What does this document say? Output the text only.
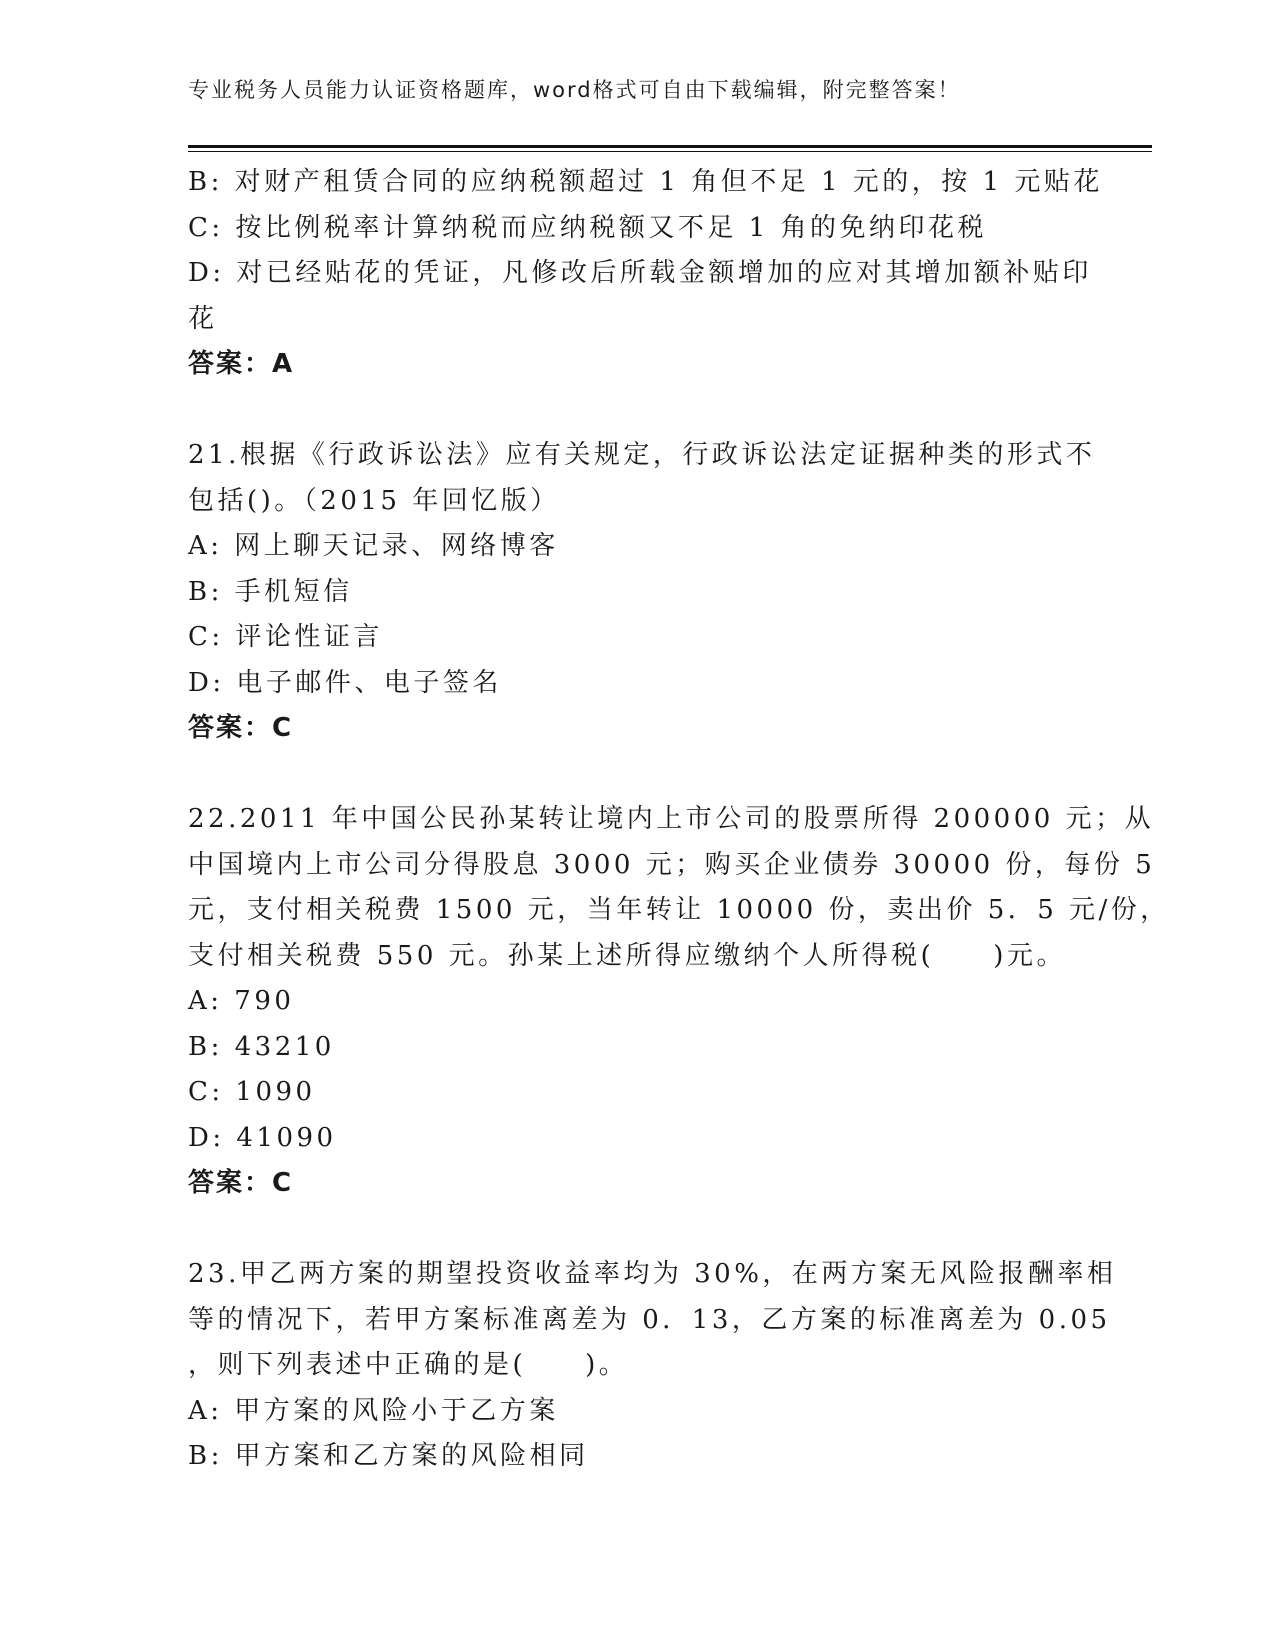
专业税务人员能力认证资格题库，word格式可自由下载编辑，附完整答案！
B: 对财产租赁合同的应纳税额超过 1 角但不足 1 元的，按 1 元贴花
C: 按比例税率计算纳税而应纳税额又不足 1 角的免纳印花税
D: 对已经贴花的凭证，凡修改后所载金额增加的应对其增加额补贴印
花
答案：A
21.根据《行政诉讼法》应有关规定，行政诉讼法定证据种类的形式不
包括()。（2015 年回忆版）
A: 网上聊天记录、网络博客
B: 手机短信
C: 评论性证言
D: 电子邮件、电子签名
答案：C
22.2011 年中国公民孙某转让境内上市公司的股票所得 200000 元；从
中国境内上市公司分得股息 3000 元；购买企业债券 30000 份，每份 5
元，支付相关税费 1500 元，当年转让 10000 份，卖出价 5．5 元/份，
支付相关税费 550 元。孙某上述所得应缴纳个人所得税(　　)元。
A: 790
B: 43210
C: 1090
D: 41090
答案：C
23.甲乙两方案的期望投资收益率均为 30%，在两方案无风险报酬率相
等的情况下，若甲方案标准离差为 0．13，乙方案的标准离差为 0.05
，则下列表述中正确的是(　　)。
A: 甲方案的风险小于乙方案
B: 甲方案和乙方案的风险相同
